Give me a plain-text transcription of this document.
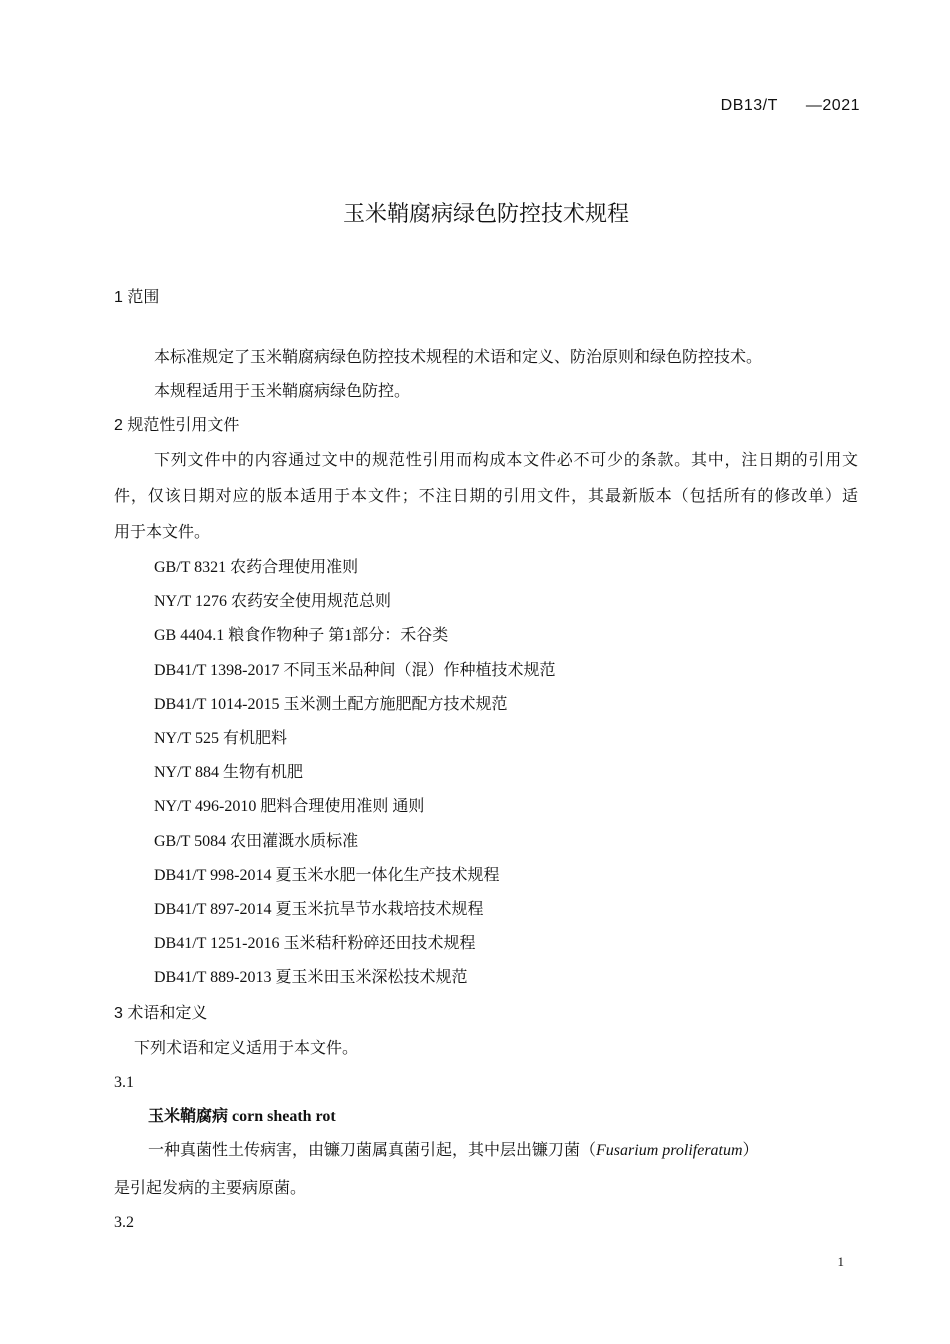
DB13/T —2021
玉米鞘腐病绿色防控技术规程
1 范围
本标准规定了玉米鞘腐病绿色防控技术规程的术语和定义、防治原则和绿色防控技术。
本规程适用于玉米鞘腐病绿色防控。
2 规范性引用文件
下列文件中的内容通过文中的规范性引用而构成本文件必不可少的条款。其中，注日期的引用文
件，仅该日期对应的版本适用于本文件；不注日期的引用文件，其最新版本（包括所有的修改单）适
用于本文件。
GB/T 8321 农药合理使用准则
NY/T 1276 农药安全使用规范总则
GB 4404.1 粮食作物种子 第1部分：禾谷类
DB41/T 1398-2017 不同玉米品种间（混）作种植技术规范
DB41/T 1014-2015 玉米测土配方施肥配方技术规范
NY/T 525 有机肥料
NY/T 884 生物有机肥
NY/T 496-2010 肥料合理使用准则 通则
GB/T 5084 农田灌溉水质标准
DB41/T 998-2014 夏玉米水肥一体化生产技术规程
DB41/T 897-2014 夏玉米抗旱节水栽培技术规程
DB41/T 1251-2016 玉米秸秆粉碎还田技术规程
DB41/T 889-2013 夏玉米田玉米深松技术规范
3 术语和定义
下列术语和定义适用于本文件。
3.1
玉米鞘腐病 corn sheath rot
一种真菌性土传病害，由镰刀菌属真菌引起，其中层出镰刀菌（Fusarium proliferatum）
是引起发病的主要病原菌。
3.2
1
